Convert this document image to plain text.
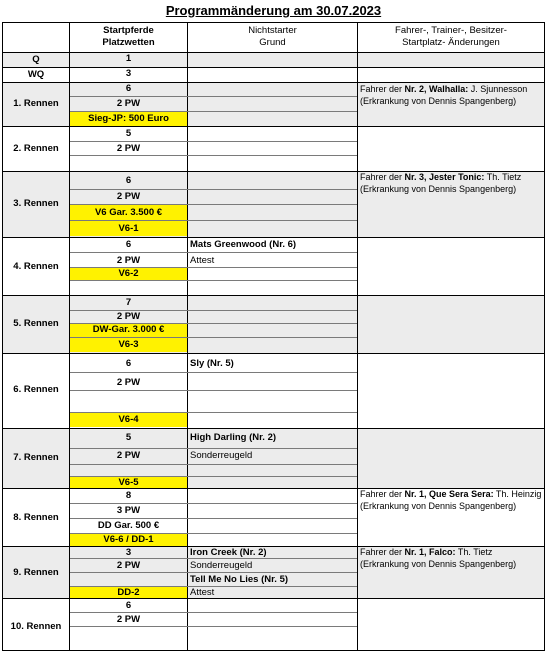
Programmänderung am 30.07.2023
Startpferde
Platzwetten
Nichtstarter
Grund
Fahrer-, Trainer-, Besitzer-
Startplatz- Änderungen
Q	1
WQ	3
1. Rennen
6
2 PW
Sieg-JP: 500 Euro
Fahrer der Nr. 2, Walhalla: J. Sjunnesson (Erkrankung von Dennis Spangenberg)
2. Rennen
5
2 PW
3. Rennen
6
2 PW
V6 Gar. 3.500 €
V6-1
Fahrer der Nr. 3, Jester Tonic: Th. Tietz (Erkrankung von Dennis Spangenberg)
4. Rennen
6
2 PW
V6-2
Mats Greenwood (Nr. 6)
Attest
5. Rennen
7
2 PW
DW-Gar. 3.000 €
V6-3
6. Rennen
6
2 PW
V6-4
Sly (Nr. 5)
7. Rennen
5
2 PW
V6-5
High Darling (Nr. 2)
Sonderreugeld
8. Rennen
8
3 PW
DD Gar. 500 €
V6-6 / DD-1
Fahrer der Nr. 1, Que Sera Sera: Th. Heinzig (Erkrankung von Dennis Spangenberg)
9. Rennen
3
2 PW
DD-2
Iron Creek (Nr. 2)
Sonderreugeld
Tell Me No Lies (Nr. 5)
Attest
Fahrer der Nr. 1, Falco: Th. Tietz (Erkrankung von Dennis Spangenberg)
10. Rennen
6
2 PW
